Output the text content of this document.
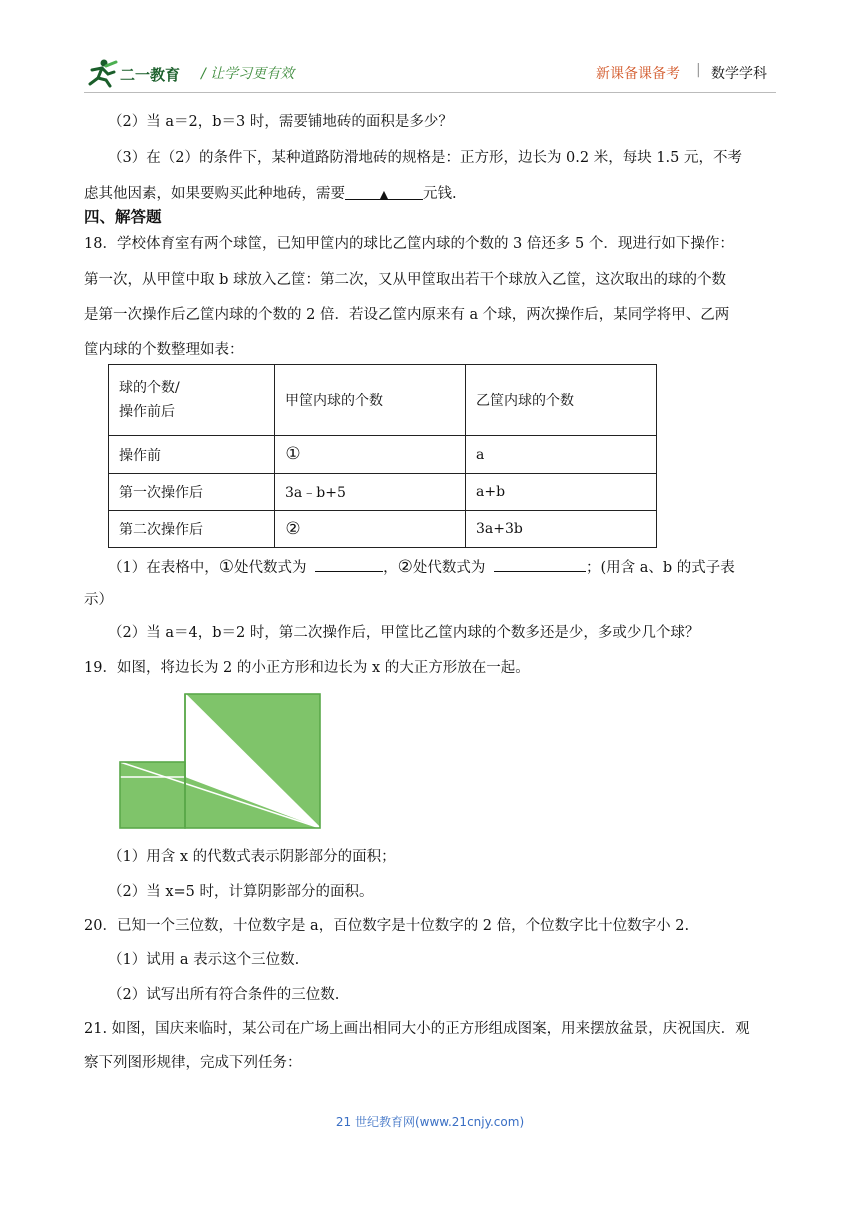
二一教育 / 让学习更有效	新课备课备考 | 数学学科
（2）当 a＝2，b＝3 时，需要铺地砖的面积是多少？
（3）在（2）的条件下，某种道路防滑地砖的规格是：正方形，边长为 0.2 米，每块 1.5 元，不考
虑其他因素，如果要购买此种地砖，需要	▲ 元钱.
四、解答题
18．学校体育室有两个球筐，已知甲筐内的球比乙筐内球的个数的 3 倍还多 5 个．现进行如下操作：
第一次，从甲筐中取 b 球放入乙筐：第二次，又从甲筐取出若干个球放入乙筐，这次取出的球的个数
是第一次操作后乙筐内球的个数的 2 倍．若设乙筐内原来有 a 个球，两次操作后，某同学将甲、乙两
筐内球的个数整理如表：
球的个数/
操作前后	甲筐内球的个数	乙筐内球的个数
操作前	①	a
第一次操作后	3a﹣b+5	a+b
第二次操作后	②	3a+3b
（1）在表格中，①处代数式为	，②处代数式为	；(用含 a、b 的式子表
示）
（2）当 a＝4，b＝2 时，第二次操作后，甲筐比乙筐内球的个数多还是少，多或少几个球？
19．如图，将边长为 2 的小正方形和边长为 x 的大正方形放在一起。
（1）用含 x 的代数式表示阴影部分的面积；
（2）当 x=5 时，计算阴影部分的面积。
20．已知一个三位数，十位数字是 a，百位数字是十位数字的 2 倍，个位数字比十位数字小 2.
（1）试用 a 表示这个三位数.
（2）试写出所有符合条件的三位数.
21. 如图，国庆来临时，某公司在广场上画出相同大小的正方形组成图案，用来摆放盆景，庆祝国庆．观
察下列图形规律，完成下列任务：
21 世纪教育网(www.21cnjy.com)
